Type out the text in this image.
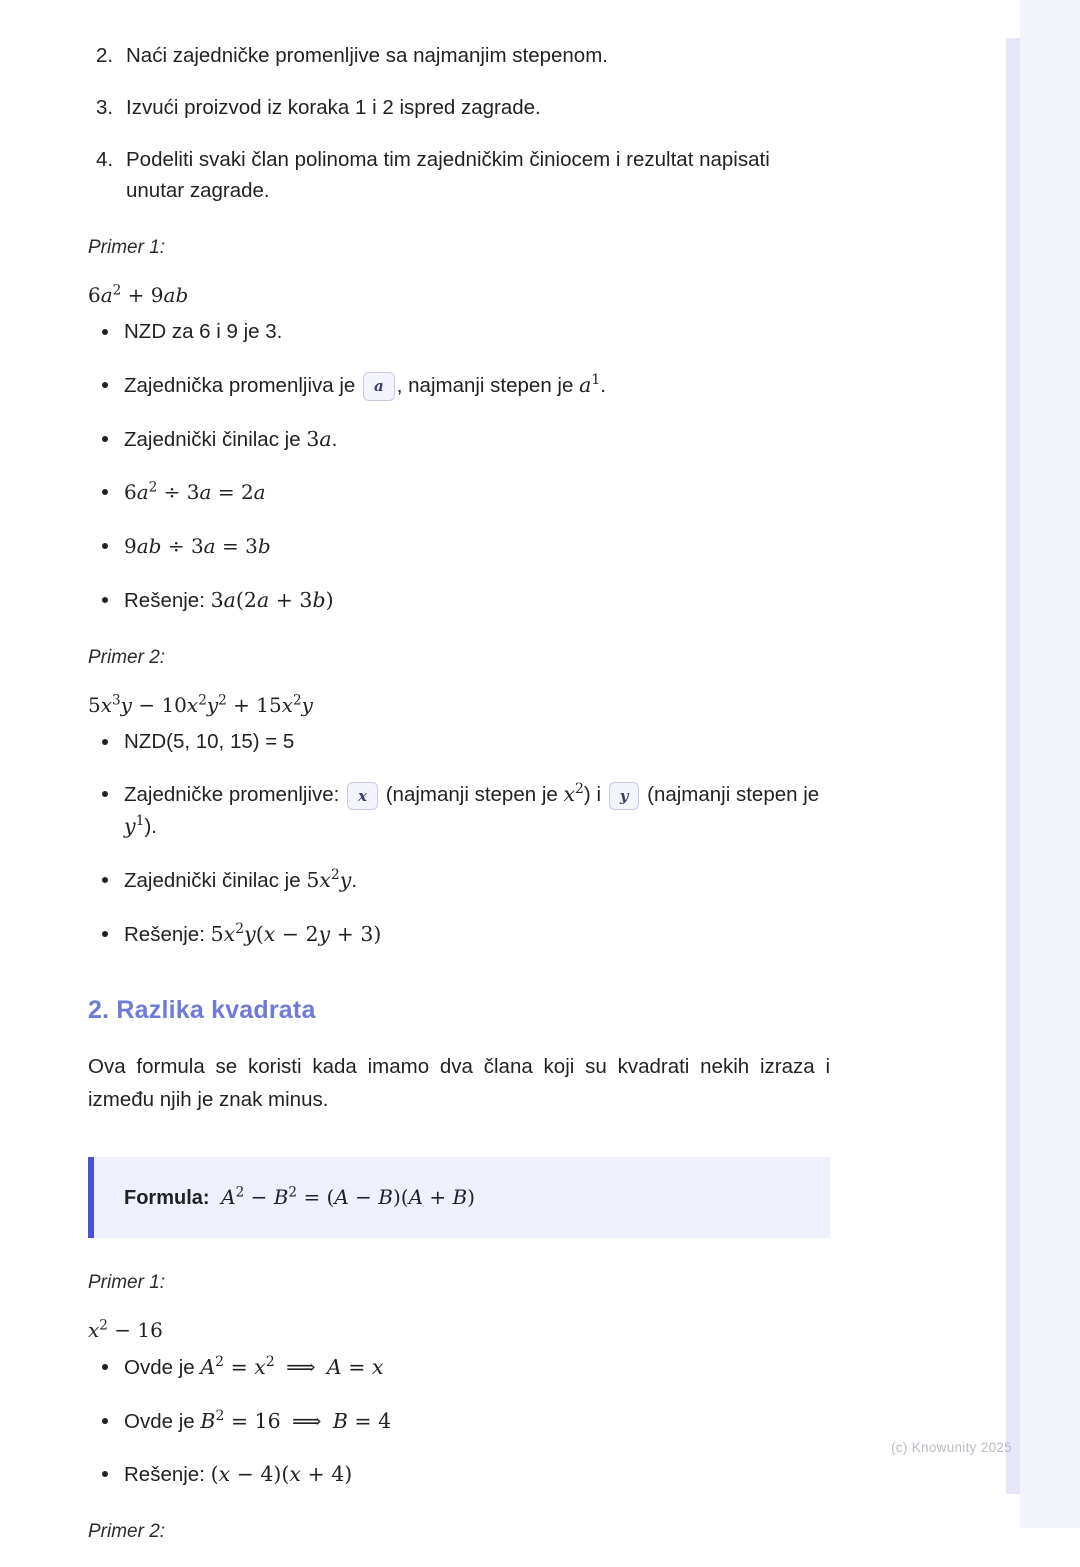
2. Naći zajedničke promenljive sa najmanjim stepenom.
3. Izvući proizvod iz koraka 1 i 2 ispred zagrade.
4. Podeliti svaki član polinoma tim zajedničkim činiocem i rezultat napisati unutar zagrade.
Primer 1:
$6a^2 + 9ab$
NZD za 6 i 9 je 3.
Zajednička promenljiva je a , najmanji stepen je $a^1$.
Zajednički činilac je 3a.
$6a^2 \div 3a = 2a$
9ab ÷ 3a = 3b
Rešenje: 3a(2a + 3b)
Primer 2:
$5x^3y - 10x^2y^2 + 15x^2y$
NZD(5, 10, 15) = 5
Zajedničke promenljive: x (najmanji stepen je $x^2$) i y (najmanji stepen je $y^1$).
Zajednički činilac je $5x^2y$.
Rešenje: $5x^2y(x - 2y + 3)$
2. Razlika kvadrata

Ova formula se koristi kada imamo dva člana koji su kvadrati nekih izraza i između njih je znak minus.

Formula: $A^2 - B^2 = (A - B)(A + B)$
Primer 1:
$x^2 - 16$
Ovde je $A^2 = x^2$ ⟹ A = x
Ovde je $B^2 = 16$ ⟹ B = 4
Rešenje: (x − 4)(x + 4)
Primer 2:
(c) Knowunity 2025
